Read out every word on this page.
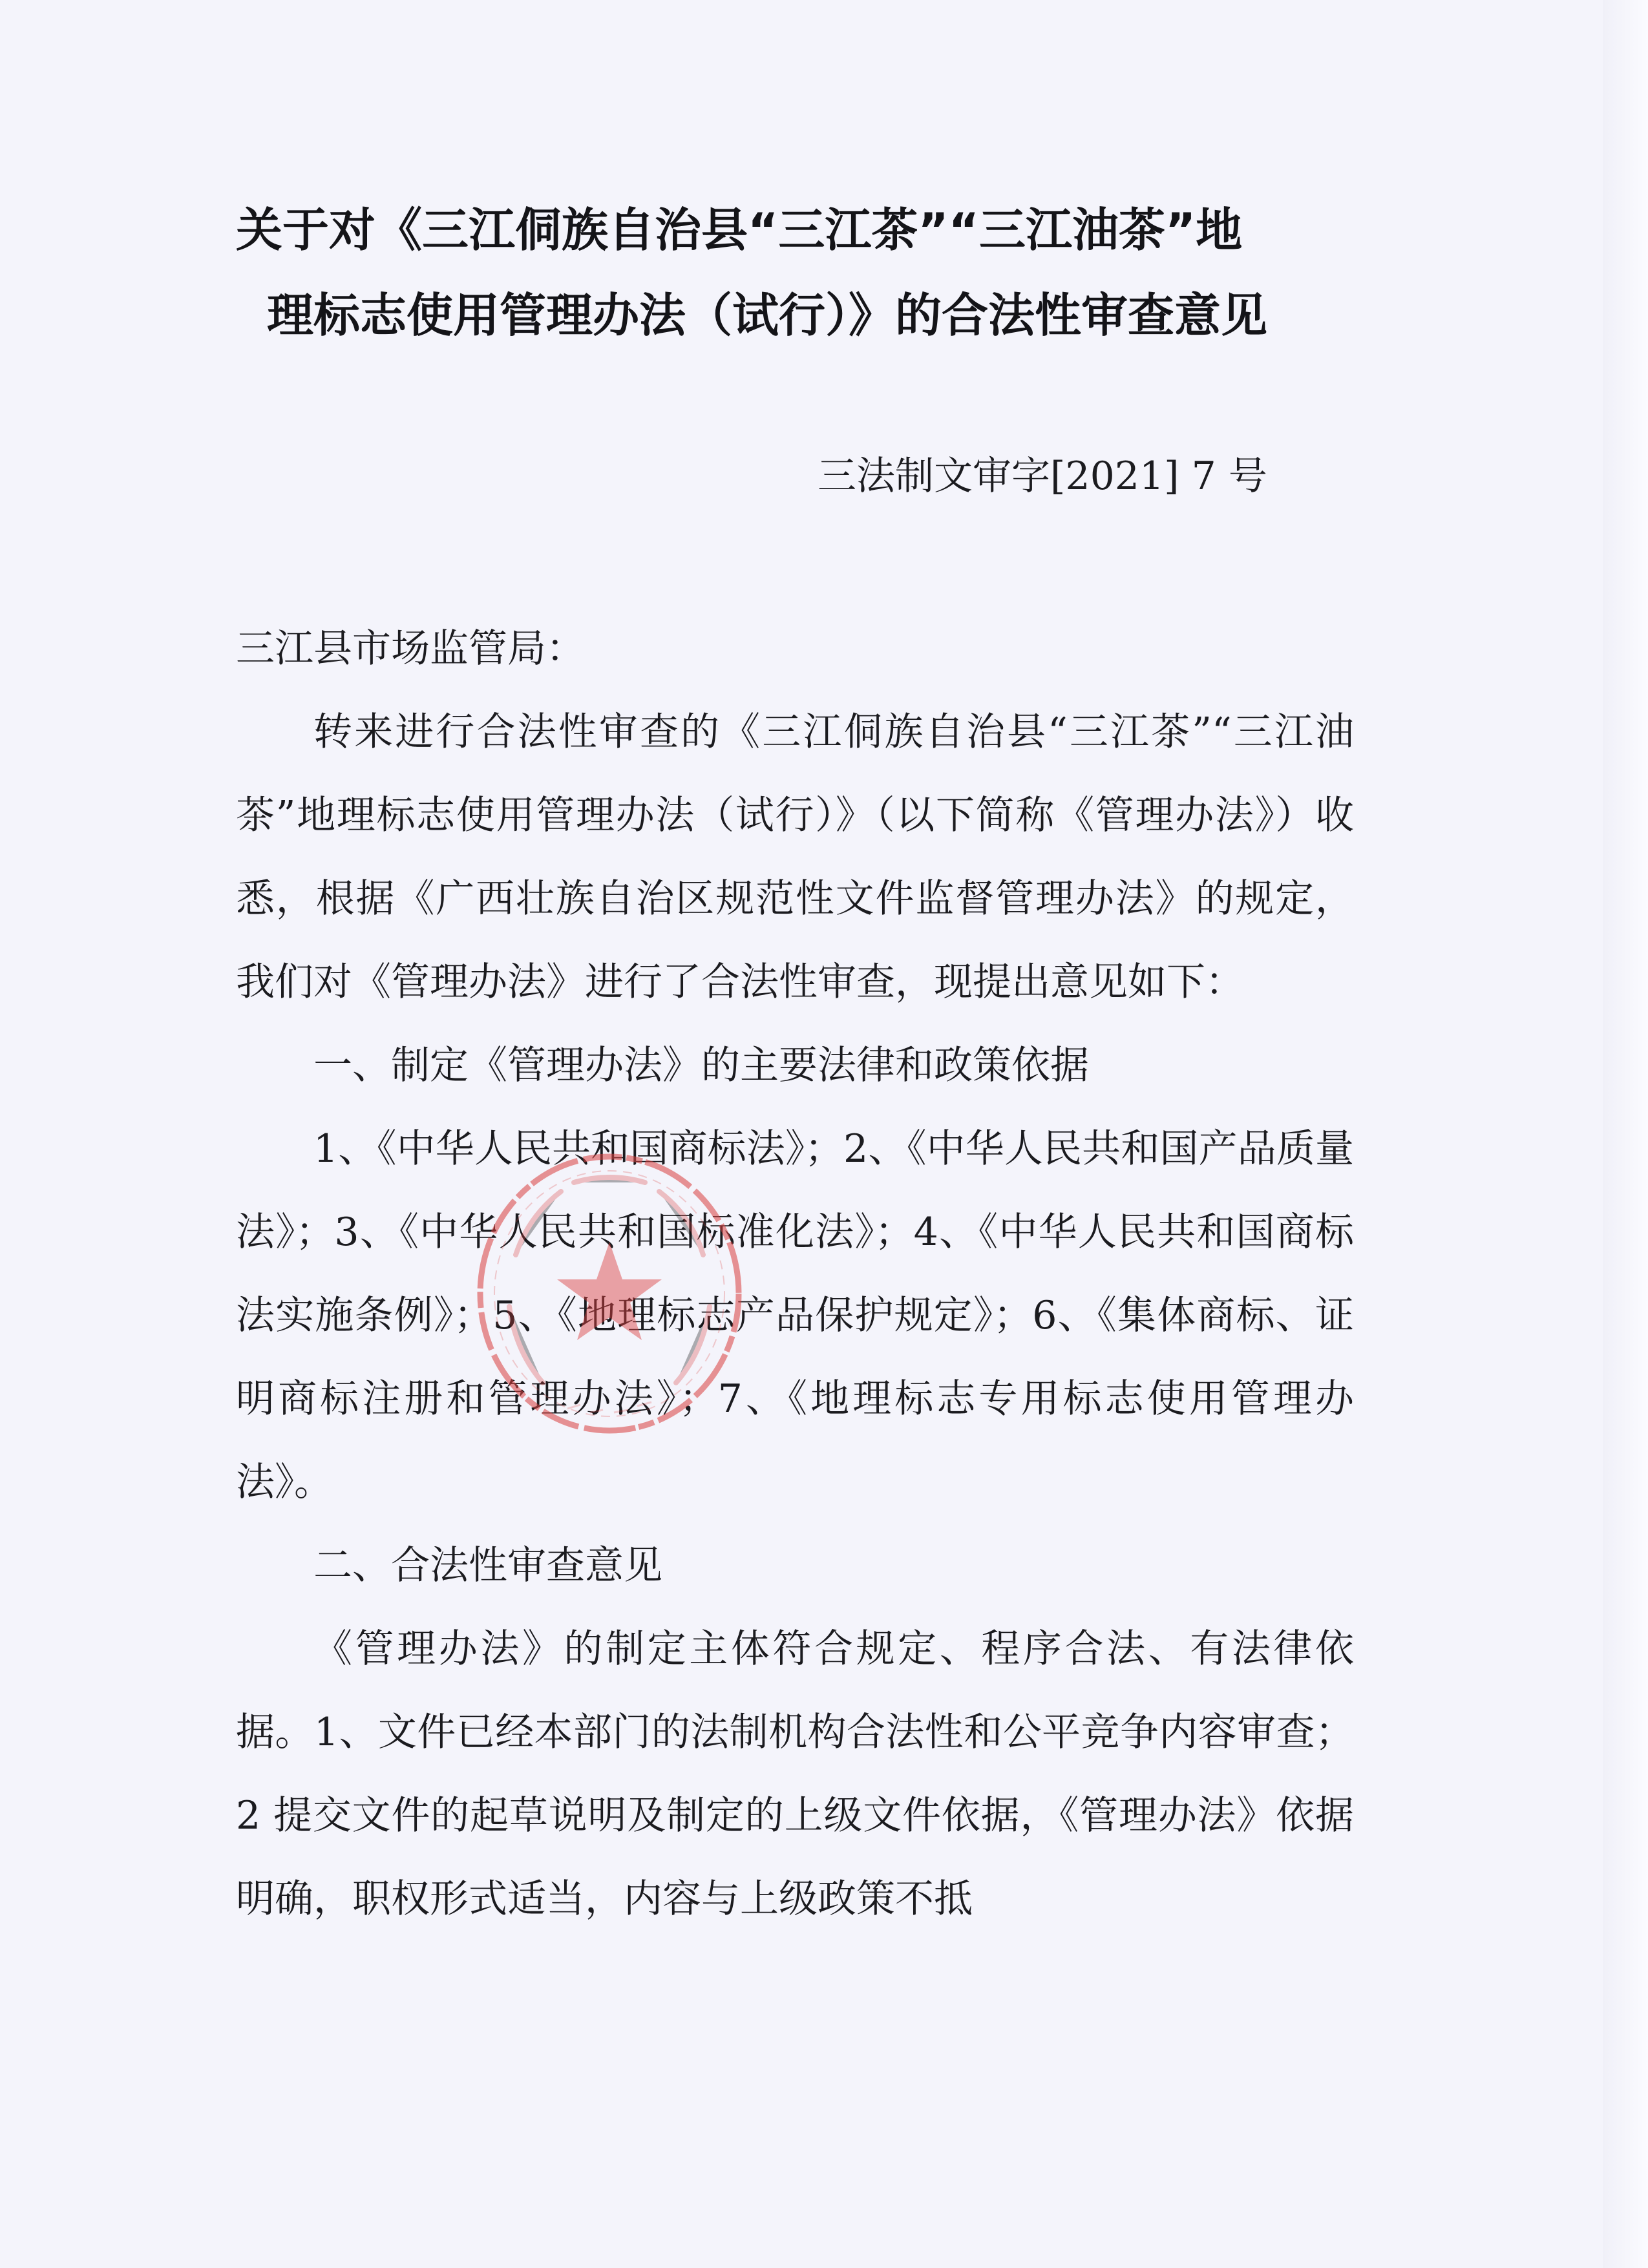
关于对《三江侗族自治县“三江茶”“三江油茶”地
理标志使用管理办法（试行）》的合法性审查意见
三法制文审字[2021] 7 号

三江县市场监管局：

转来进行合法性审查的《三江侗族自治县“三江茶”“三江油茶”地理标志使用管理办法（试行）》（以下简称《管理办法》）收悉，根据《广西壮族自治区规范性文件监督管理办法》的规定，我们对《管理办法》进行了合法性审查，现提出意见如下：

一、制定《管理办法》的主要法律和政策依据

1、《中华人民共和国商标法》；2、《中华人民共和国产品质量法》；3、《中华人民共和国标准化法》；4、《中华人民共和国商标法实施条例》；5、《地理标志产品保护规定》；6、《集体商标、证明商标注册和管理办法》；7、《地理标志专用标志使用管理办法》。

二、合法性审查意见

《管理办法》的制定主体符合规定、程序合法、有法律依据。1、文件已经本部门的法制机构合法性和公平竞争内容审查；2 提交文件的起草说明及制定的上级文件依据，《管理办法》依据明确，职权形式适当，内容与上级政策不抵
